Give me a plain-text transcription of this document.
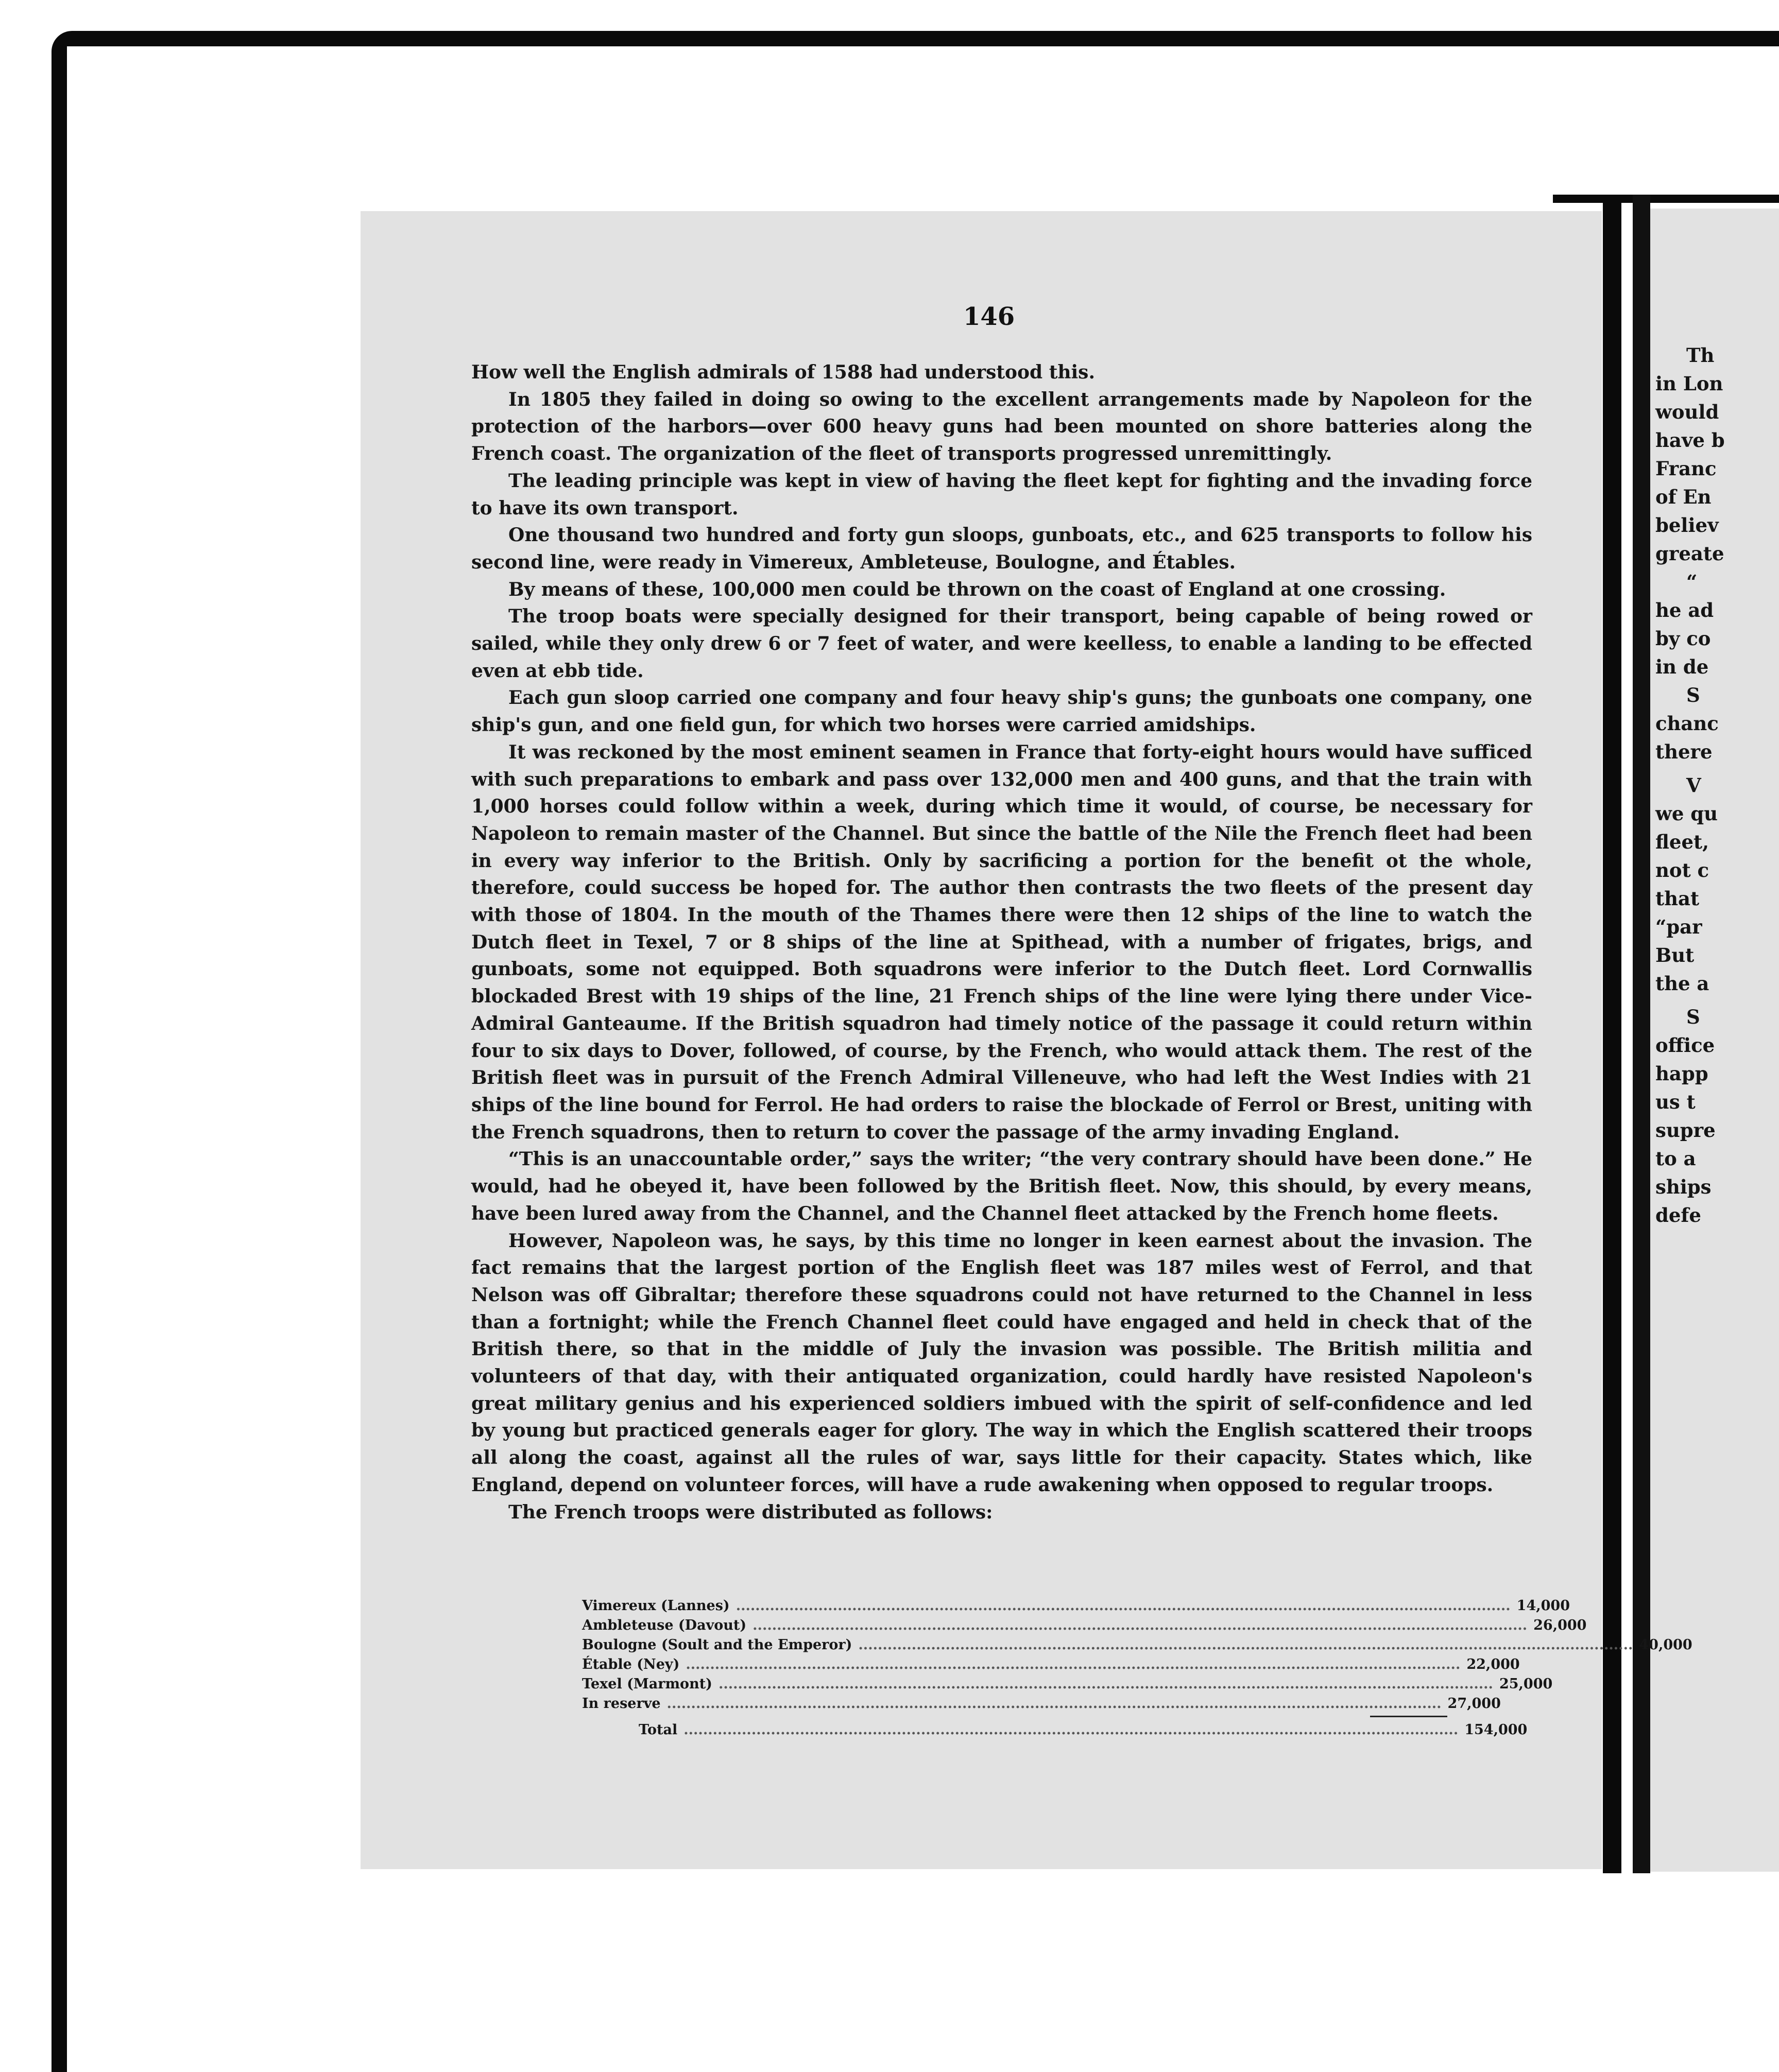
Th
in Lon
would
have b
Franc
of En
believ
greate
“
he ad
by co
in de
S
chanc
there
V
we qu
fleet,
not c
that
“par
But
the a
S
office
happ
us t
supre
to a
ships
defe
146

How well the English admirals of 1588 had understood this.

In 1805 they failed in doing so owing to the excellent arrangements made by Napoleon for the protection of the harbors—over 600 heavy guns had been mounted on shore batteries along the French coast. The organization of the fleet of transports progressed unremittingly.

The leading principle was kept in view of having the fleet kept for fighting and the invading force to have its own transport.

One thousand two hundred and forty gun sloops, gunboats, etc., and 625 transports to follow his second line, were ready in Vimereux, Ambleteuse, Boulogne, and Étables.

By means of these, 100,000 men could be thrown on the coast of England at one crossing.

The troop boats were specially designed for their transport, being capable of being rowed or sailed, while they only drew 6 or 7 feet of water, and were keelless, to enable a landing to be effected even at ebb tide.

Each gun sloop carried one company and four heavy ship's guns; the gunboats one company, one ship's gun, and one field gun, for which two horses were carried amidships.

It was reckoned by the most eminent seamen in France that forty-eight hours would have sufficed with such preparations to embark and pass over 132,000 men and 400 guns, and that the train with 1,000 horses could follow within a week, during which time it would, of course, be necessary for Napoleon to remain master of the Channel. But since the battle of the Nile the French fleet had been in every way inferior to the British. Only by sacrificing a portion for the benefit ot the whole, therefore, could success be hoped for. The author then contrasts the two fleets of the present day with those of 1804. In the mouth of the Thames there were then 12 ships of the line to watch the Dutch fleet in Texel, 7 or 8 ships of the line at Spithead, with a number of frigates, brigs, and gunboats, some not equipped. Both squadrons were inferior to the Dutch fleet. Lord Cornwallis blockaded Brest with 19 ships of the line, 21 French ships of the line were lying there under Vice-Admiral Ganteaume. If the British squadron had timely notice of the passage it could return within four to six days to Dover, followed, of course, by the French, who would attack them. The rest of the British fleet was in pursuit of the French Admiral Villeneuve, who had left the West Indies with 21 ships of the line bound for Ferrol. He had orders to raise the blockade of Ferrol or Brest, uniting with the French squadrons, then to return to cover the passage of the army invading England.

“This is an unaccountable order,” says the writer; “the very contrary should have been done.” He would, had he obeyed it, have been followed by the British fleet. Now, this should, by every means, have been lured away from the Channel, and the Channel fleet attacked by the French home fleets.

However, Napoleon was, he says, by this time no longer in keen earnest about the invasion. The fact remains that the largest portion of the English fleet was 187 miles west of Ferrol, and that Nelson was off Gibraltar; therefore these squadrons could not have returned to the Channel in less than a fortnight; while the French Channel fleet could have engaged and held in check that of the British there, so that in the middle of July the invasion was possible. The British militia and volunteers of that day, with their antiquated organization, could hardly have resisted Napoleon's great military genius and his experienced soldiers imbued with the spirit of self-confidence and led by young but practiced generals eager for glory. The way in which the English scattered their troops all along the coast, against all the rules of war, says little for their capacity. States which, like England, depend on volunteer forces, will have a rude awakening when opposed to regular troops.

The French troops were distributed as follows:

Vimereux (Lannes) ................................................................................................................................................................ 14,000
Ambleteuse (Davout) ................................................................................................................................................................ 26,000
Boulogne (Soult and the Emperor) ................................................................................................................................................................ 40,000
Étable (Ney) ................................................................................................................................................................ 22,000
Texel (Marmont) ................................................................................................................................................................ 25,000
In reserve ................................................................................................................................................................ 27,000
Total ................................................................................................................................................................ 154,000
